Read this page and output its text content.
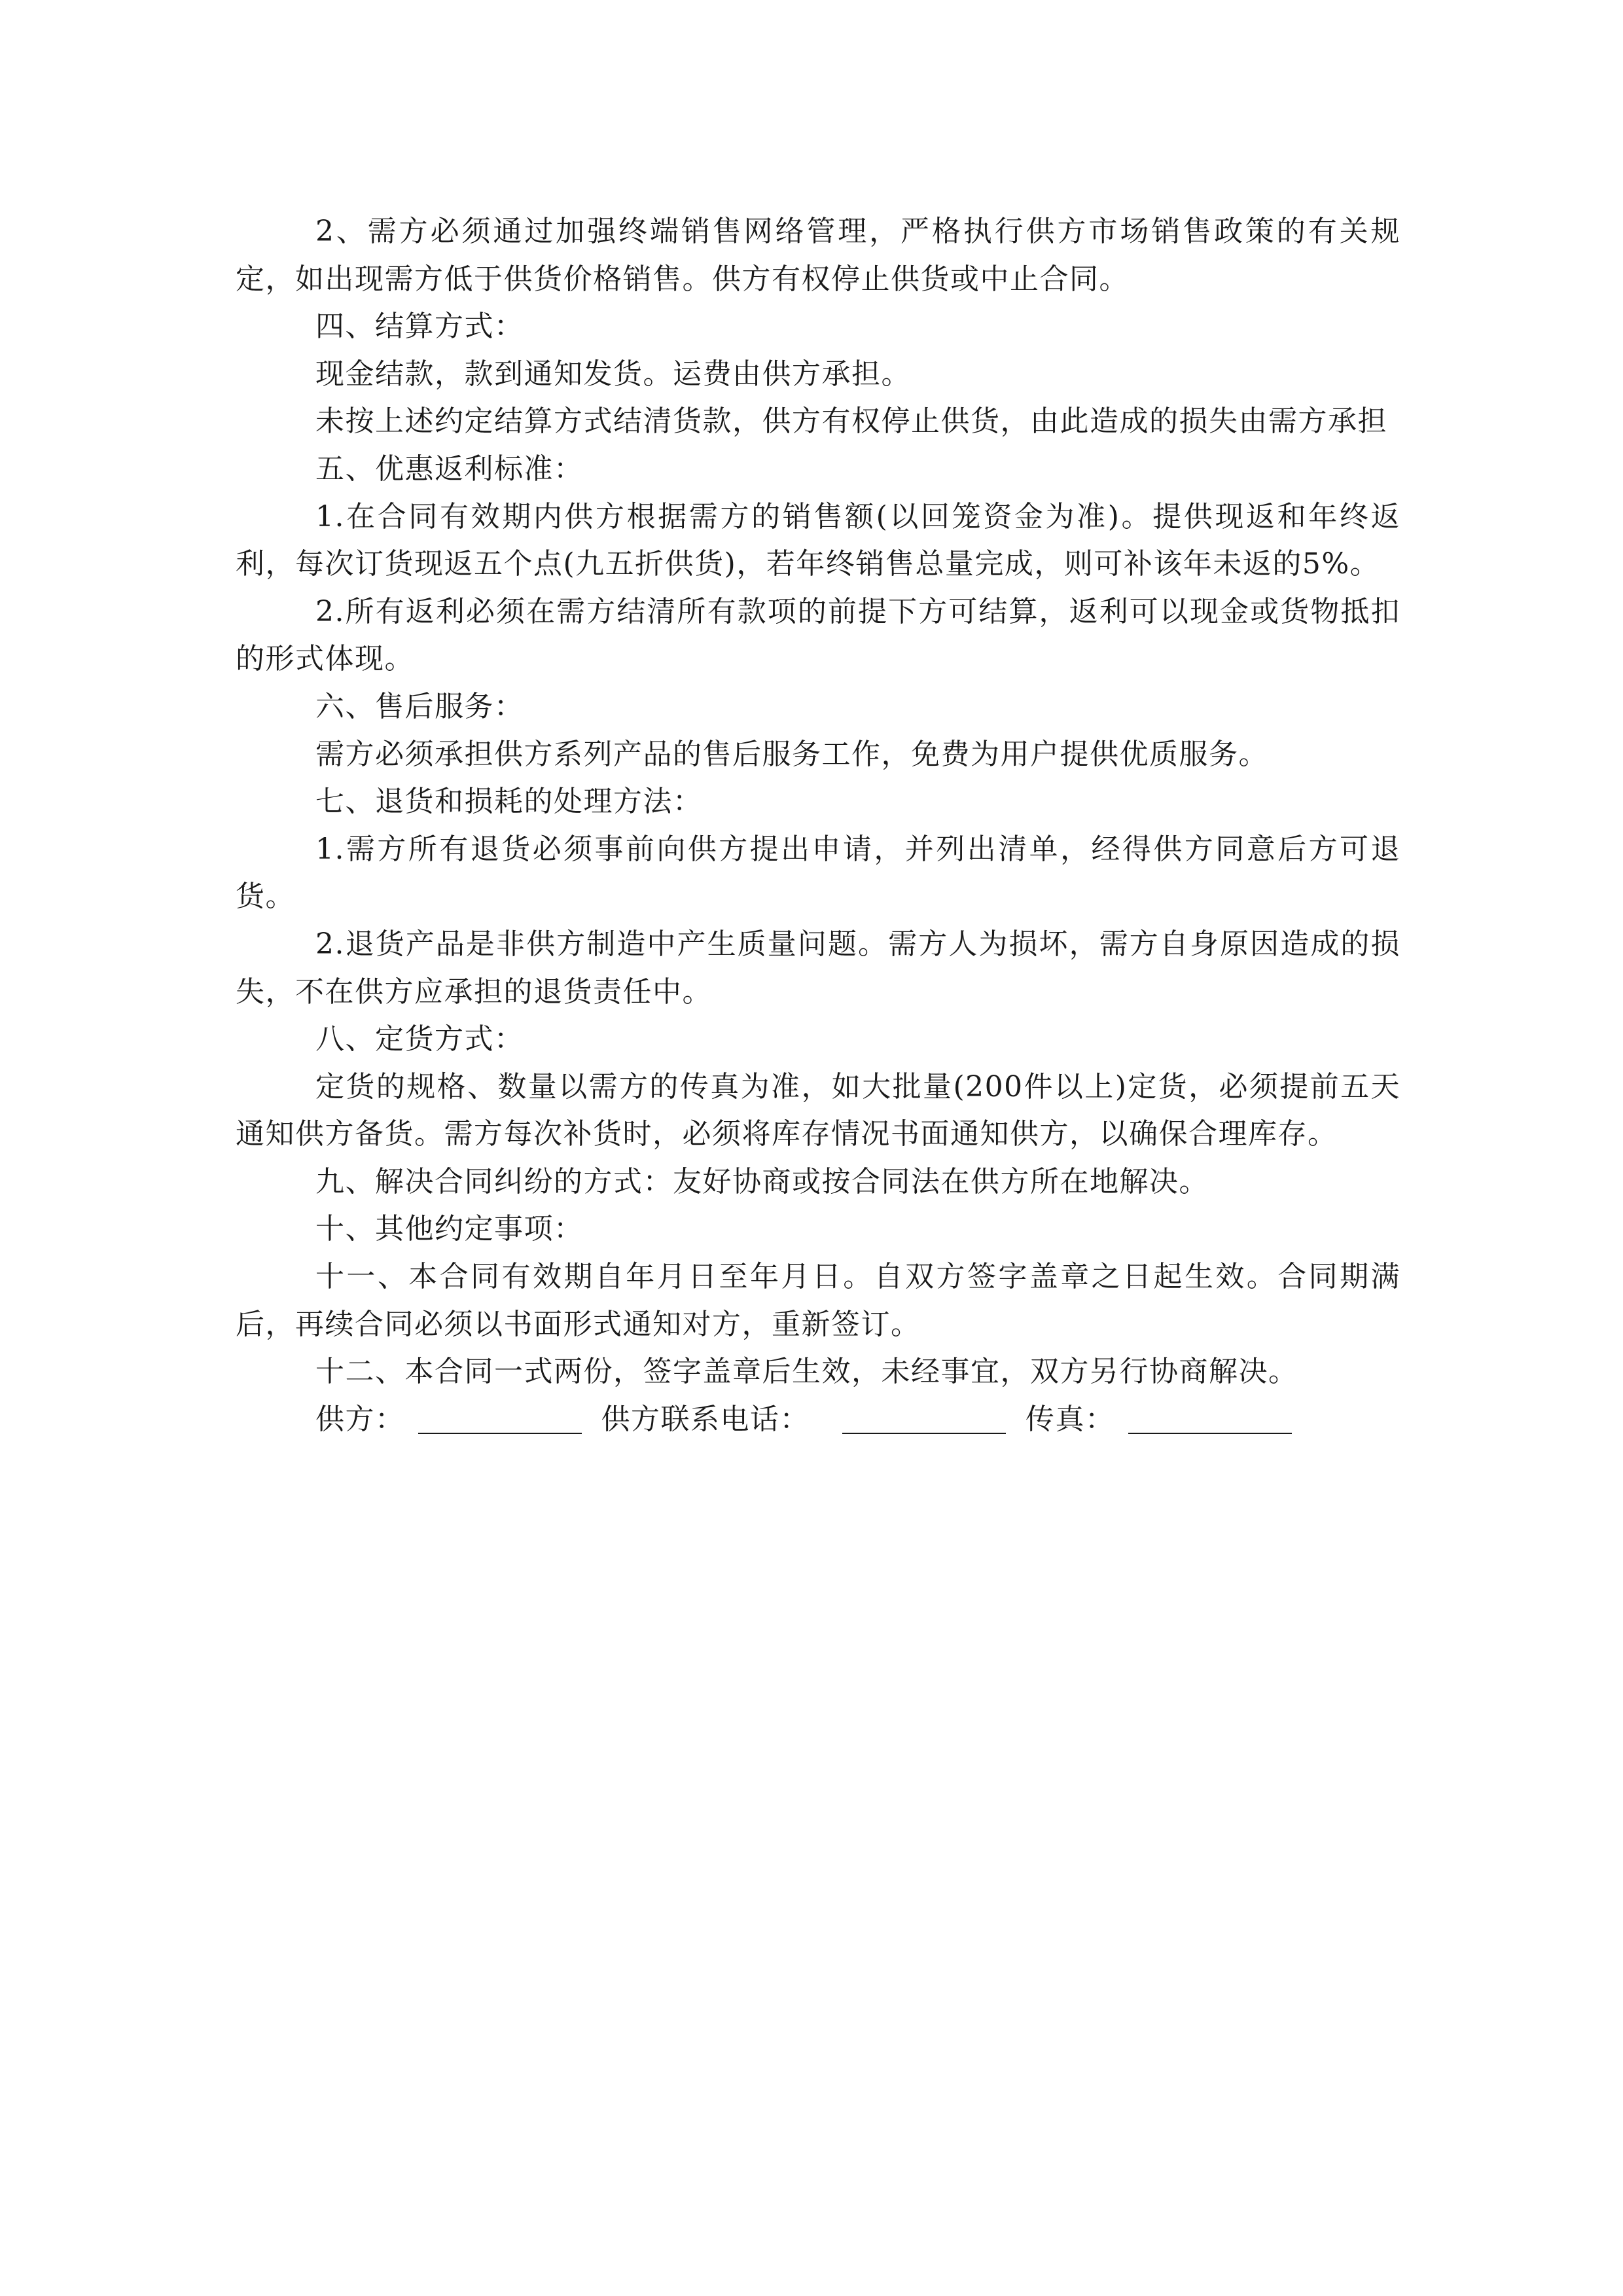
2、需方必须通过加强终端销售网络管理，严格执行供方市场销售政策的有关规定，如出现需方低于供货价格销售。供方有权停止供货或中止合同。

四、结算方式：

现金结款，款到通知发货。运费由供方承担。

未按上述约定结算方式结清货款，供方有权停止供货，由此造成的损失由需方承担

五、优惠返利标准：

1.在合同有效期内供方根据需方的销售额(以回笼资金为准)。提供现返和年终返利，每次订货现返五个点(九五折供货)，若年终销售总量完成，则可补该年未返的5%。

2.所有返利必须在需方结清所有款项的前提下方可结算，返利可以现金或货物抵扣的形式体现。

六、售后服务：

需方必须承担供方系列产品的售后服务工作，免费为用户提供优质服务。

七、退货和损耗的处理方法：

1.需方所有退货必须事前向供方提出申请，并列出清单，经得供方同意后方可退货。

2.退货产品是非供方制造中产生质量问题。需方人为损坏，需方自身原因造成的损失，不在供方应承担的退货责任中。

八、定货方式：

定货的规格、数量以需方的传真为准，如大批量(200件以上)定货，必须提前五天通知供方备货。需方每次补货时，必须将库存情况书面通知供方，以确保合理库存。

九、解决合同纠纷的方式：友好协商或按合同法在供方所在地解决。

十、其他约定事项：

十一、本合同有效期自年月日至年月日。自双方签字盖章之日起生效。合同期满后，再续合同必须以书面形式通知对方，重新签订。

十二、本合同一式两份，签字盖章后生效，未经事宜，双方另行协商解决。

供方：	供方联系电话：	传真：
